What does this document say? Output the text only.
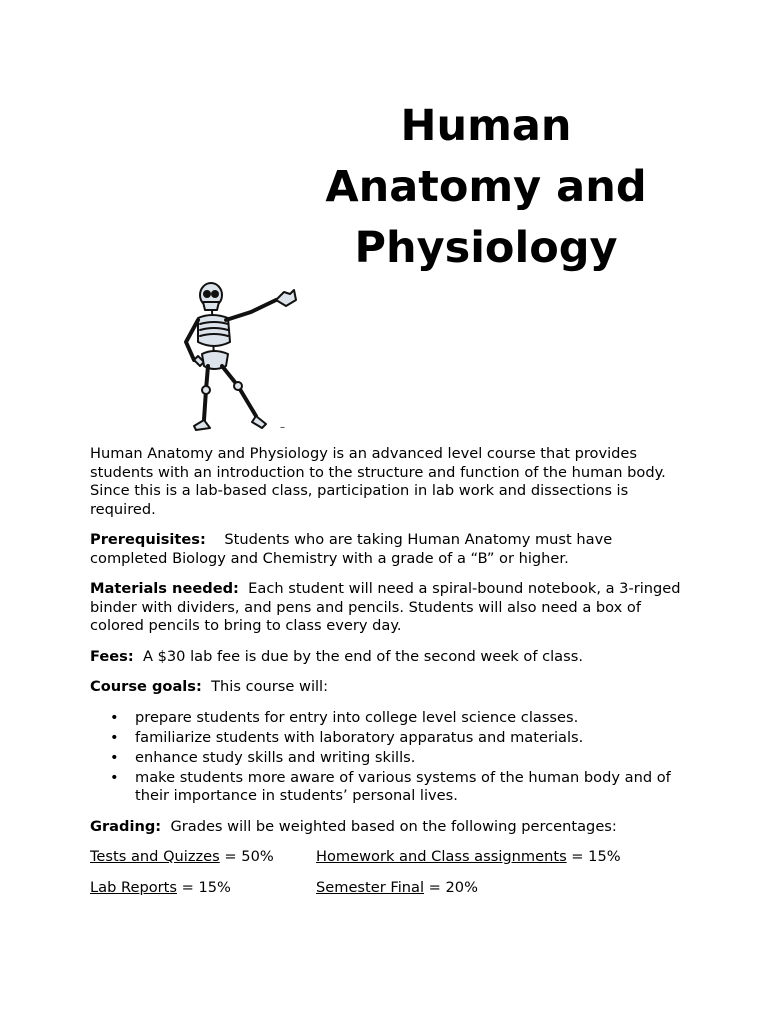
Human
Anatomy and
Physiology
–

Human Anatomy and Physiology is an advanced level course that provides students with an introduction to the structure and function of the human body. Since this is a lab-based class, participation in lab work and dissections is required.

Prerequisites: Students who are taking Human Anatomy must have completed Biology and Chemistry with a grade of a “B” or higher.

Materials needed: Each student will need a spiral-bound notebook, a 3-ringed binder with dividers, and pens and pencils. Students will also need a box of colored pencils to bring to class every day.

Fees: A $30 lab fee is due by the end of the second week of class.

Course goals: This course will:

• prepare students for entry into college level science classes.
• familiarize students with laboratory apparatus and materials.
• enhance study skills and writing skills.
• make students more aware of various systems of the human body and of their importance in students’ personal lives.

Grading: Grades will be weighted based on the following percentages:

Tests and Quizzes = 50%	Homework and Class assignments = 15%
Lab Reports = 15%	Semester Final = 20%
